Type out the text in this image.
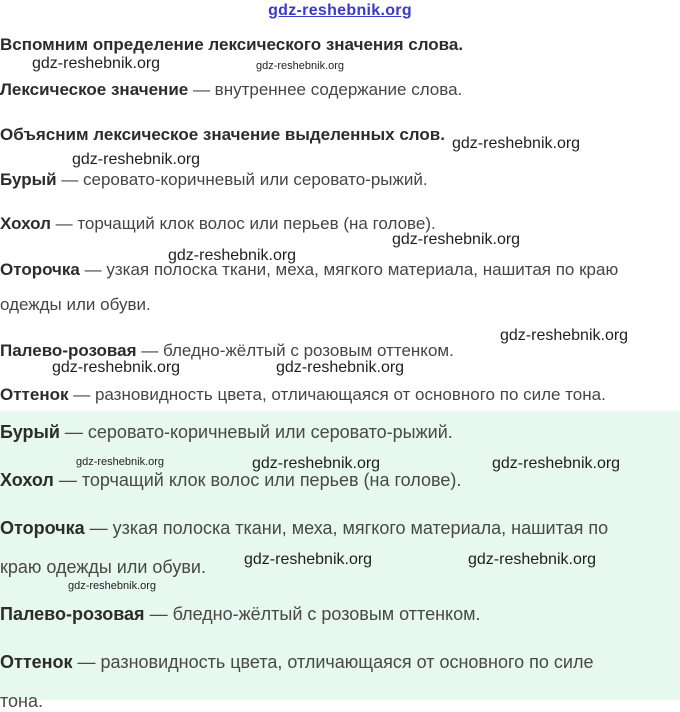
gdz-reshebnik.org
Вспомним определение лексического значения слова.
Лексическое значение — внутреннее содержание слова.
Объясним лексическое значение выделенных слов.
Бурый — серовато-коричневый или серовато-рыжий.
Хохол — торчащий клок волос или перьев (на голове).
Оторочка — узкая полоска ткани, меха, мягкого материала, нашитая по краю
одежды или обуви.
Палево-розовая — бледно-жёлтый с розовым оттенком.
Оттенок — разновидность цвета, отличающаяся от основного по силе тона.
Бурый — серовато-коричневый или серовато-рыжий.
Хохол — торчащий клок волос или перьев (на голове).
Оторочка — узкая полоска ткани, меха, мягкого материала, нашитая по
краю одежды или обуви.
Палево-розовая — бледно-жёлтый с розовым оттенком.
Оттенок — разновидность цвета, отличающаяся от основного по силе
тона.
gdz-reshebnik.org	gdz-reshebnik.org
gdz-reshebnik.org
gdz-reshebnik.org
gdz-reshebnik.org
gdz-reshebnik.org
gdz-reshebnik.org
gdz-reshebnik.org	gdz-reshebnik.org
gdz-reshebnik.org	gdz-reshebnik.org	gdz-reshebnik.org
gdz-reshebnik.org	gdz-reshebnik.org
gdz-reshebnik.org
